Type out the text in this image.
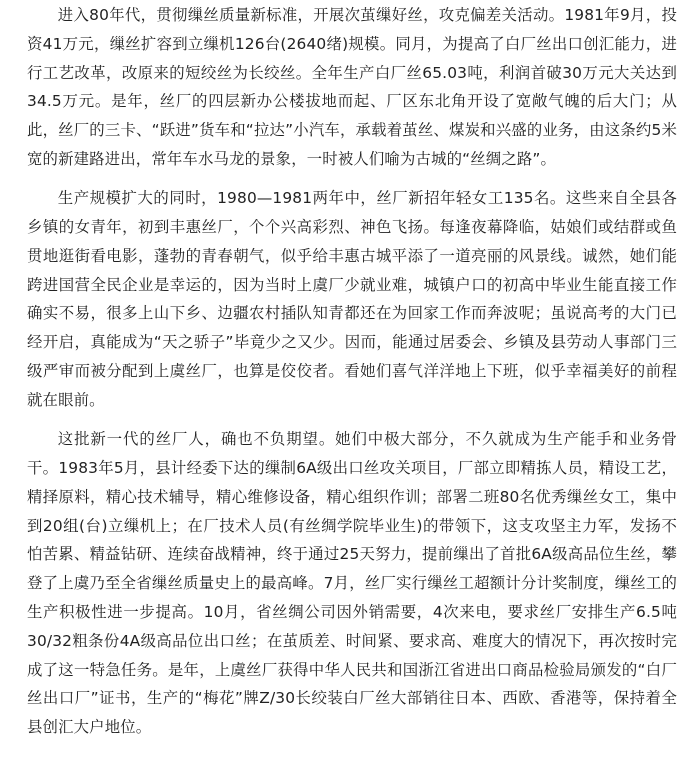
进入80年代，贯彻缫丝质量新标准，开展次茧缫好丝，攻克偏差关活动。1981年9月，投资41万元，缫丝扩容到立缫机126台(2640绪)规模。同月，为提高了白厂丝出口创汇能力，进行工艺改革，改原来的短绞丝为长绞丝。全年生产白厂丝65.03吨，利润首破30万元大关达到34.5万元。是年，丝厂的四层新办公楼拔地而起、厂区东北角开设了宽敞气魄的后大门；从此，丝厂的三卡、“跃进”货车和“拉达”小汽车，承载着茧丝、煤炭和兴盛的业务，由这条约5米宽的新建路进出，常年车水马龙的景象，一时被人们喻为古城的“丝绸之路”。

生产规模扩大的同时，1980—1981两年中，丝厂新招年轻女工135名。这些来自全县各乡镇的女青年，初到丰惠丝厂，个个兴高彩烈、神色飞扬。每逢夜幕降临，姑娘们或结群或鱼贯地逛街看电影，蓬勃的青春朝气，似乎给丰惠古城平添了一道亮丽的风景线。诚然，她们能跨进国营全民企业是幸运的，因为当时上虞厂少就业难，城镇户口的初高中毕业生能直接工作确实不易，很多上山下乡、边疆农村插队知青都还在为回家工作而奔波呢；虽说高考的大门已经开启，真能成为“天之骄子”毕竟少之又少。因而，能通过居委会、乡镇及县劳动人事部门三级严审而被分配到上虞丝厂，也算是佼佼者。看她们喜气洋洋地上下班，似乎幸福美好的前程就在眼前。

这批新一代的丝厂人，确也不负期望。她们中极大部分，不久就成为生产能手和业务骨干。1983年5月，县计经委下达的缫制6A级出口丝攻关项目，厂部立即精拣人员，精设工艺，精择原料，精心技术辅导，精心维修设备，精心组织作训；部署二班80名优秀缫丝女工，集中到20组(台)立缫机上；在厂技术人员(有丝绸学院毕业生)的带领下，这支攻坚主力军，发扬不怕苦累、精益钻研、连续奋战精神，终于通过25天努力，提前缫出了首批6A级高品位生丝，攀登了上虞乃至全省缫丝质量史上的最高峰。7月，丝厂实行缫丝工超额计分计奖制度，缫丝工的生产积极性进一步提高。10月，省丝绸公司因外销需要，4次来电，要求丝厂安排生产6.5吨30/32粗条份4A级高品位出口丝；在茧质差、时间紧、要求高、难度大的情况下，再次按时完成了这一特急任务。是年，上虞丝厂获得中华人民共和国浙江省进出口商品检验局颁发的“白厂丝出口厂”证书，生产的“梅花”牌Z/30长绞装白厂丝大部销往日本、西欧、香港等，保持着全县创汇大户地位。
